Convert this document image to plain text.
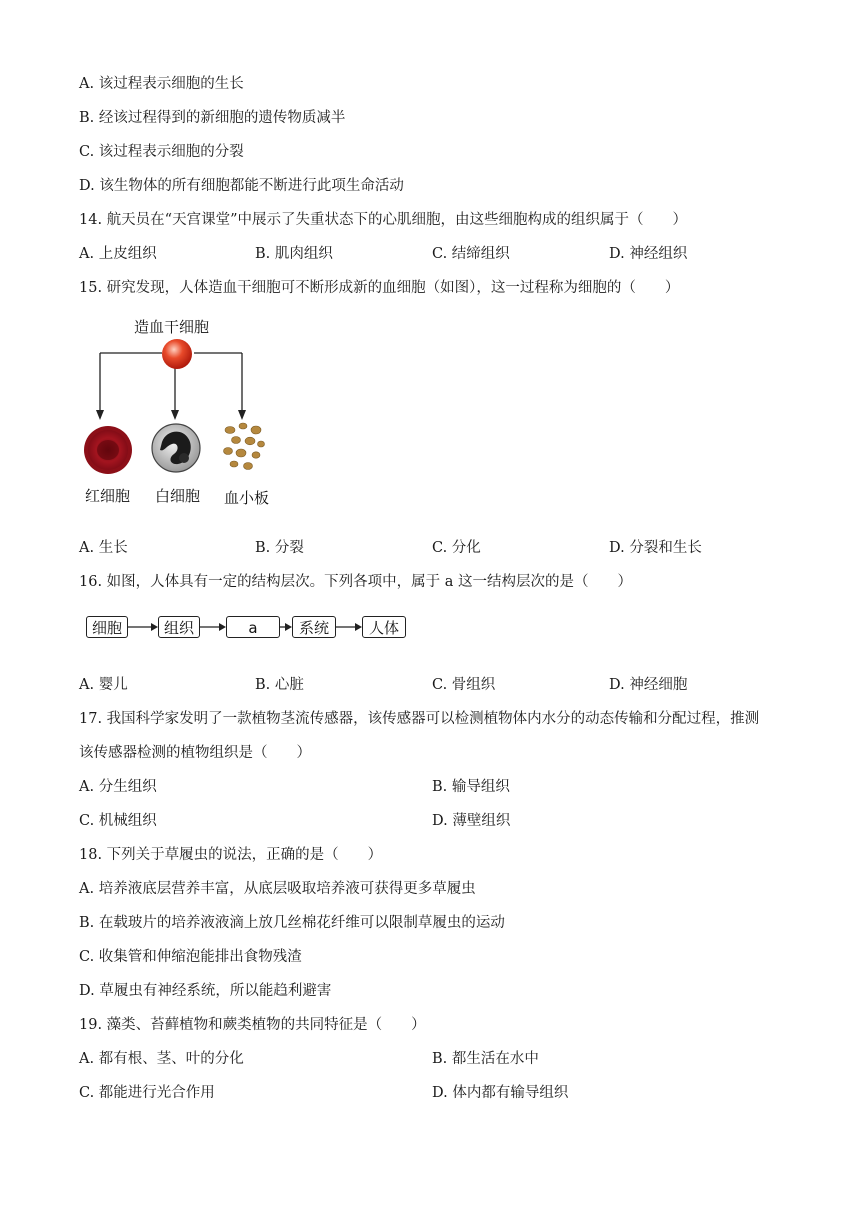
A. 该过程表示细胞的生长
B. 经该过程得到的新细胞的遗传物质减半
C. 该过程表示细胞的分裂
D. 该生物体的所有细胞都能不断进行此项生命活动
14. 航天员在“天宫课堂”中展示了失重状态下的心肌细胞，由这些细胞构成的组织属于（　　）
A. 上皮组织	B. 肌肉组织	C. 结缔组织	D. 神经组织
15. 研究发现，人体造血干细胞可不断形成新的血细胞（如图），这一过程称为细胞的（　　）
造血干细胞
红细胞 白细胞 血小板
A. 生长	B. 分裂	C. 分化	D. 分裂和生长
16. 如图，人体具有一定的结构层次。下列各项中，属于 a 这一结构层次的是（　　）
细胞	组织	a	系统	人体
A. 婴儿	B. 心脏	C. 骨组织	D. 神经细胞
17. 我国科学家发明了一款植物茎流传感器，该传感器可以检测植物体内水分的动态传输和分配过程，推测
该传感器检测的植物组织是（　　）
A. 分生组织	B. 输导组织
C. 机械组织	D. 薄壁组织
18. 下列关于草履虫的说法，正确的是（　　）
A. 培养液底层营养丰富，从底层吸取培养液可获得更多草履虫
B. 在载玻片的培养液液滴上放几丝棉花纤维可以限制草履虫的运动
C. 收集管和伸缩泡能排出食物残渣
D. 草履虫有神经系统，所以能趋利避害
19. 藻类、苔藓植物和蕨类植物的共同特征是（　　）
A. 都有根、茎、叶的分化	B. 都生活在水中
C. 都能进行光合作用	D. 体内都有输导组织
